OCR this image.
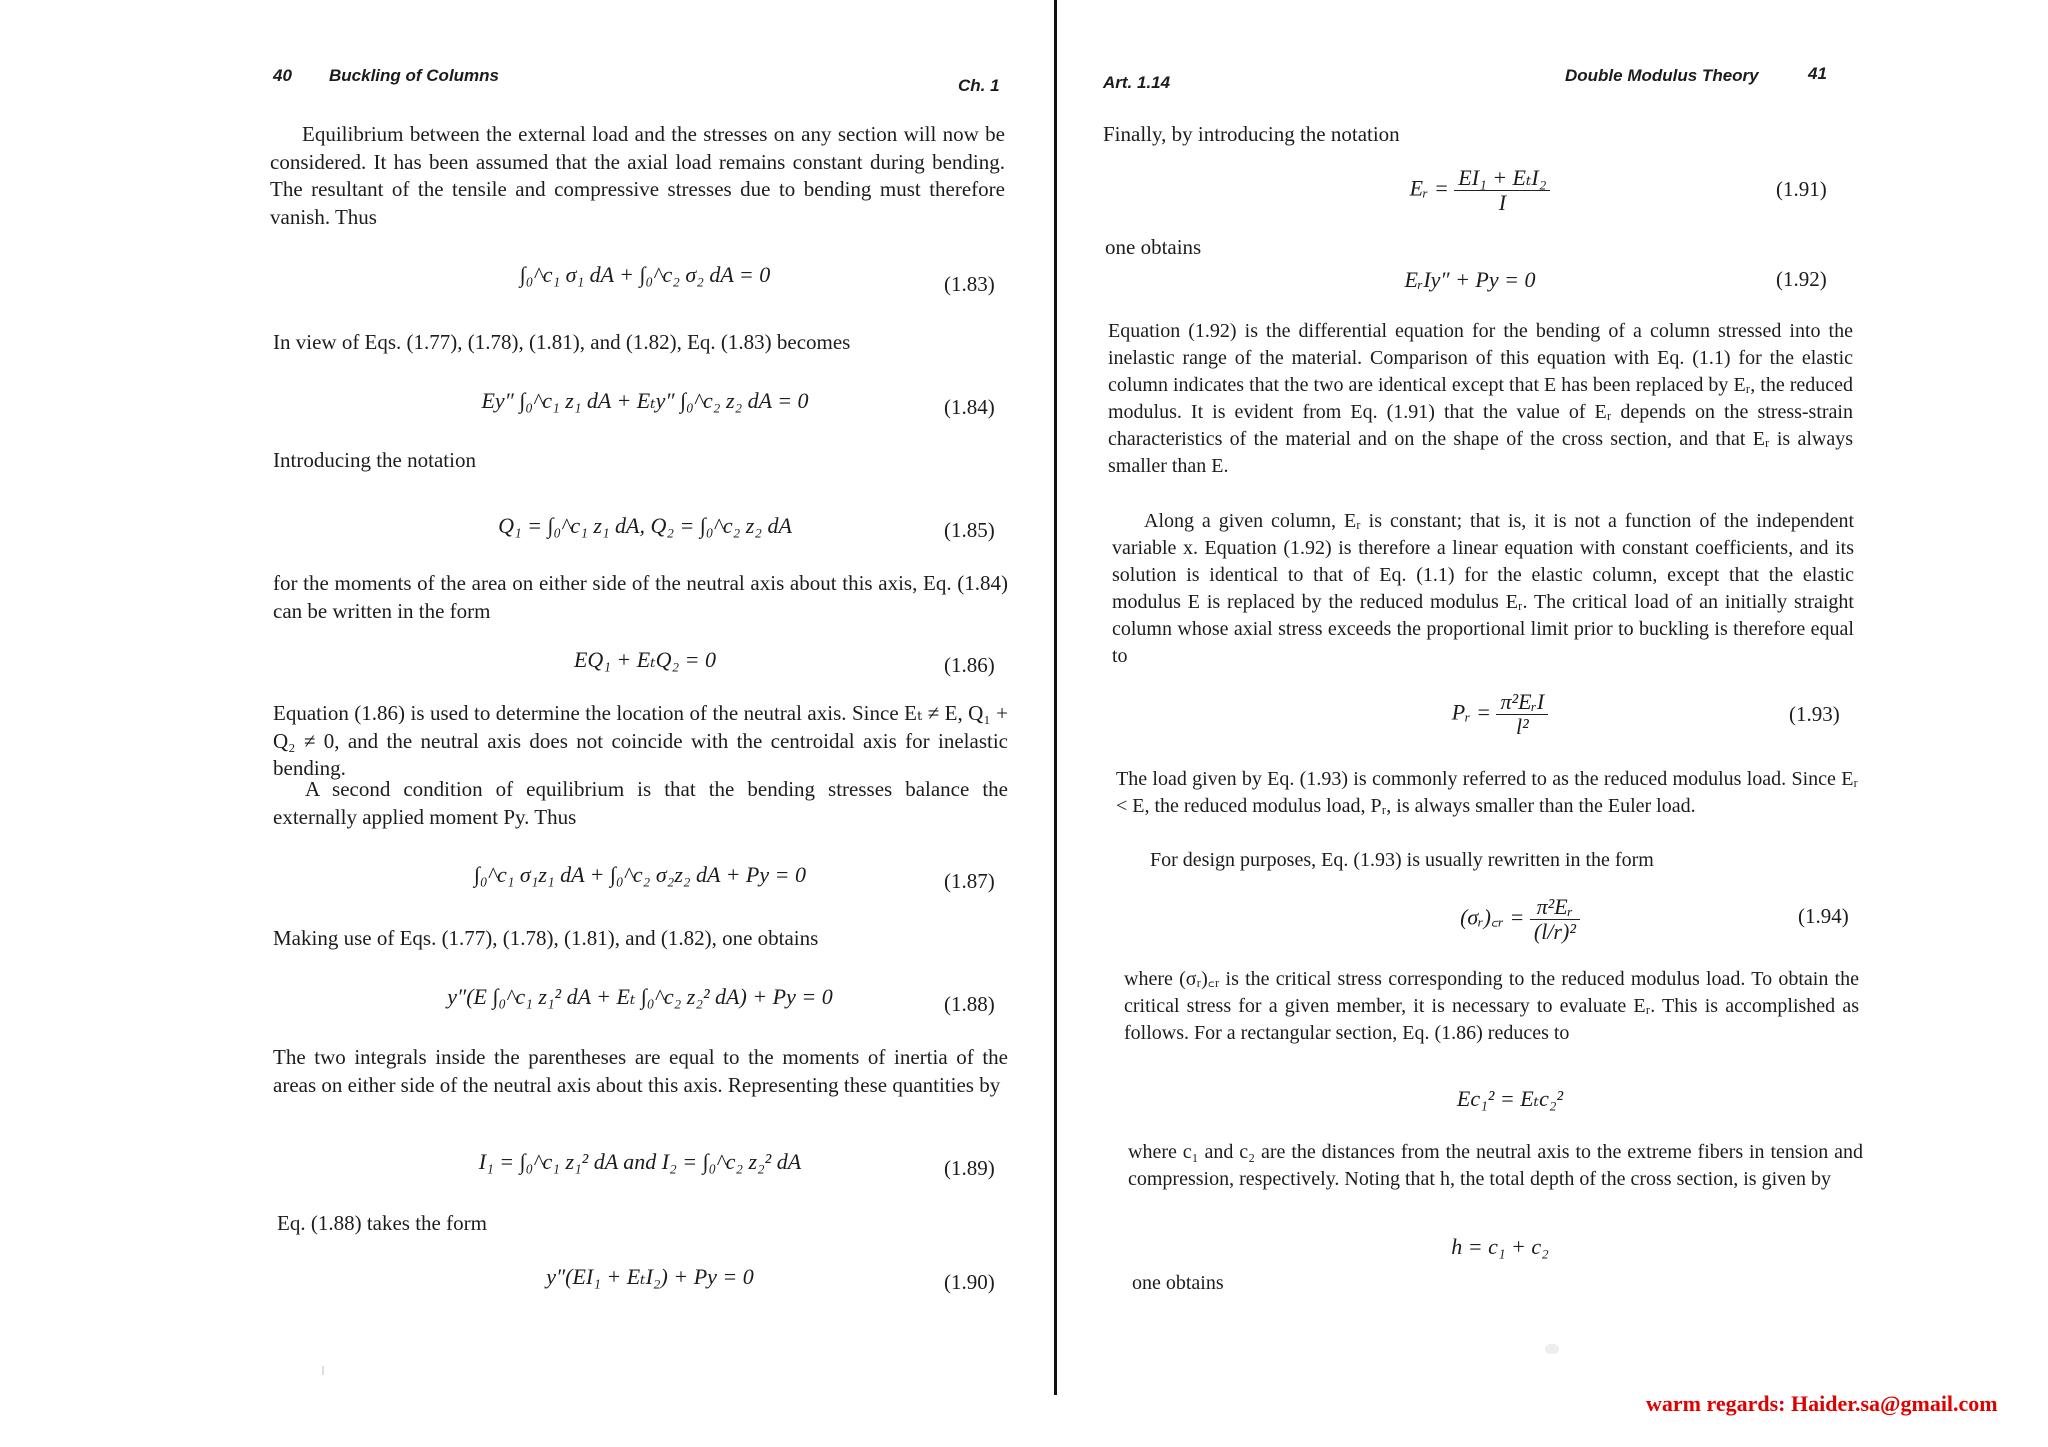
40 Buckling of Columns
Ch. 1
Equilibrium between the external load and the stresses on any section will now be considered. It has been assumed that the axial load remains constant during bending. The resultant of the tensile and compressive stresses due to bending must therefore vanish. Thus
∫₀^c₁ σ₁ dA + ∫₀^c₂ σ₂ dA = 0	(1.83)
In view of Eqs. (1.77), (1.78), (1.81), and (1.82), Eq. (1.83) becomes
Ey″ ∫₀^c₁ z₁ dA + Eₜy″ ∫₀^c₂ z₂ dA = 0	(1.84)
Introducing the notation
Q₁ = ∫₀^c₁ z₁ dA, Q₂ = ∫₀^c₂ z₂ dA	(1.85)
for the moments of the area on either side of the neutral axis about this axis, Eq. (1.84) can be written in the form
EQ₁ + EₜQ₂ = 0	(1.86)
Equation (1.86) is used to determine the location of the neutral axis. Since Eₜ ≠ E, Q₁ + Q₂ ≠ 0, and the neutral axis does not coincide with the centroidal axis for inelastic bending.
A second condition of equilibrium is that the bending stresses balance the externally applied moment Py. Thus
∫₀^c₁ σ₁z₁ dA + ∫₀^c₂ σ₂z₂ dA + Py = 0	(1.87)
Making use of Eqs. (1.77), (1.78), (1.81), and (1.82), one obtains
y″(E ∫₀^c₁ z₁² dA + Eₜ ∫₀^c₂ z₂² dA) + Py = 0	(1.88)
The two integrals inside the parentheses are equal to the moments of inertia of the areas on either side of the neutral axis about this axis. Representing these quantities by
I₁ = ∫₀^c₁ z₁² dA and I₂ = ∫₀^c₂ z₂² dA	(1.89)
Eq. (1.88) takes the form
y″(EI₁ + EₜI₂) + Py = 0	(1.90)
Art. 1.14	Double Modulus Theory	41
Finally, by introducing the notation
Eᵣ = $\frac{\text{EI₁ + EₜI₂}}{I}$	(1.91)
one obtains
EᵣIy″ + Py = 0	(1.92)
Equation (1.92) is the differential equation for the bending of a column stressed into the inelastic range of the material. Comparison of this equation with Eq. (1.1) for the elastic column indicates that the two are identical except that E has been replaced by Eᵣ, the reduced modulus. It is evident from Eq. (1.91) that the value of Eᵣ depends on the stress-strain characteristics of the material and on the shape of the cross section, and that Eᵣ is always smaller than E.
Along a given column, Eᵣ is constant; that is, it is not a function of the independent variable x. Equation (1.92) is therefore a linear equation with constant coefficients, and its solution is identical to that of Eq. (1.1) for the elastic column, except that the elastic modulus E is replaced by the reduced modulus Eᵣ. The critical load of an initially straight column whose axial stress exceeds the proportional limit prior to buckling is therefore equal to
Pᵣ = $\frac{\text{π²EᵣI}}{\text{l²}}$	(1.93)
The load given by Eq. (1.93) is commonly referred to as the reduced modulus load. Since Eᵣ < E, the reduced modulus load, Pᵣ, is always smaller than the Euler load.
For design purposes, Eq. (1.93) is usually rewritten in the form
(σᵣ)꜀ᵣ = $\frac{\text{π²Eᵣ}}{\text{(l/r)²}}$	(1.94)
where (σᵣ)꜀ᵣ is the critical stress corresponding to the reduced modulus load. To obtain the critical stress for a given member, it is necessary to evaluate Eᵣ. This is accomplished as follows. For a rectangular section, Eq. (1.86) reduces to
Ec₁² = Eₜc₂²
where c₁ and c₂ are the distances from the neutral axis to the extreme fibers in tension and compression, respectively. Noting that h, the total depth of the cross section, is given by
h = c₁ + c₂
one obtains
warm regards: Haider.sa@gmail.com
